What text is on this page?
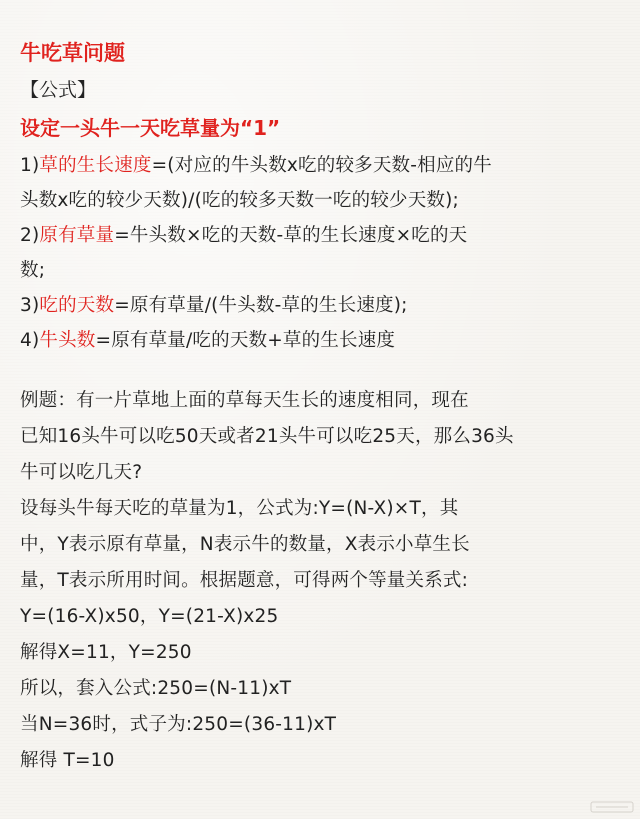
牛吃草问题

【公式】

设定一头牛一天吃草量为“1”

1)草的生长速度=(对应的牛头数x吃的较多天数-相应的牛
头数x吃的较少天数)/(吃的较多天数一吃的较少天数);

2)原有草量=牛头数×吃的天数-草的生长速度×吃的天
数;

3)吃的天数=原有草量/(牛头数-草的生长速度);

4)牛头数=原有草量/吃的天数+草的生长速度

例题：有一片草地上面的草每天生长的速度相同，现在
已知16头牛可以吃50天或者21头牛可以吃25天，那么36头
牛可以吃几天?
设每头牛每天吃的草量为1，公式为:Y=(N-X)×T，其
中，Y表示原有草量，N表示牛的数量，X表示小草生长
量，T表示所用时间。根据题意，可得两个等量关系式:
Y=(16-X)x50，Y=(21-X)x25
解得X=11，Y=250
所以，套入公式:250=(N-11)xT
当N=36时，式子为:250=(36-11)xT
解得 T=10
